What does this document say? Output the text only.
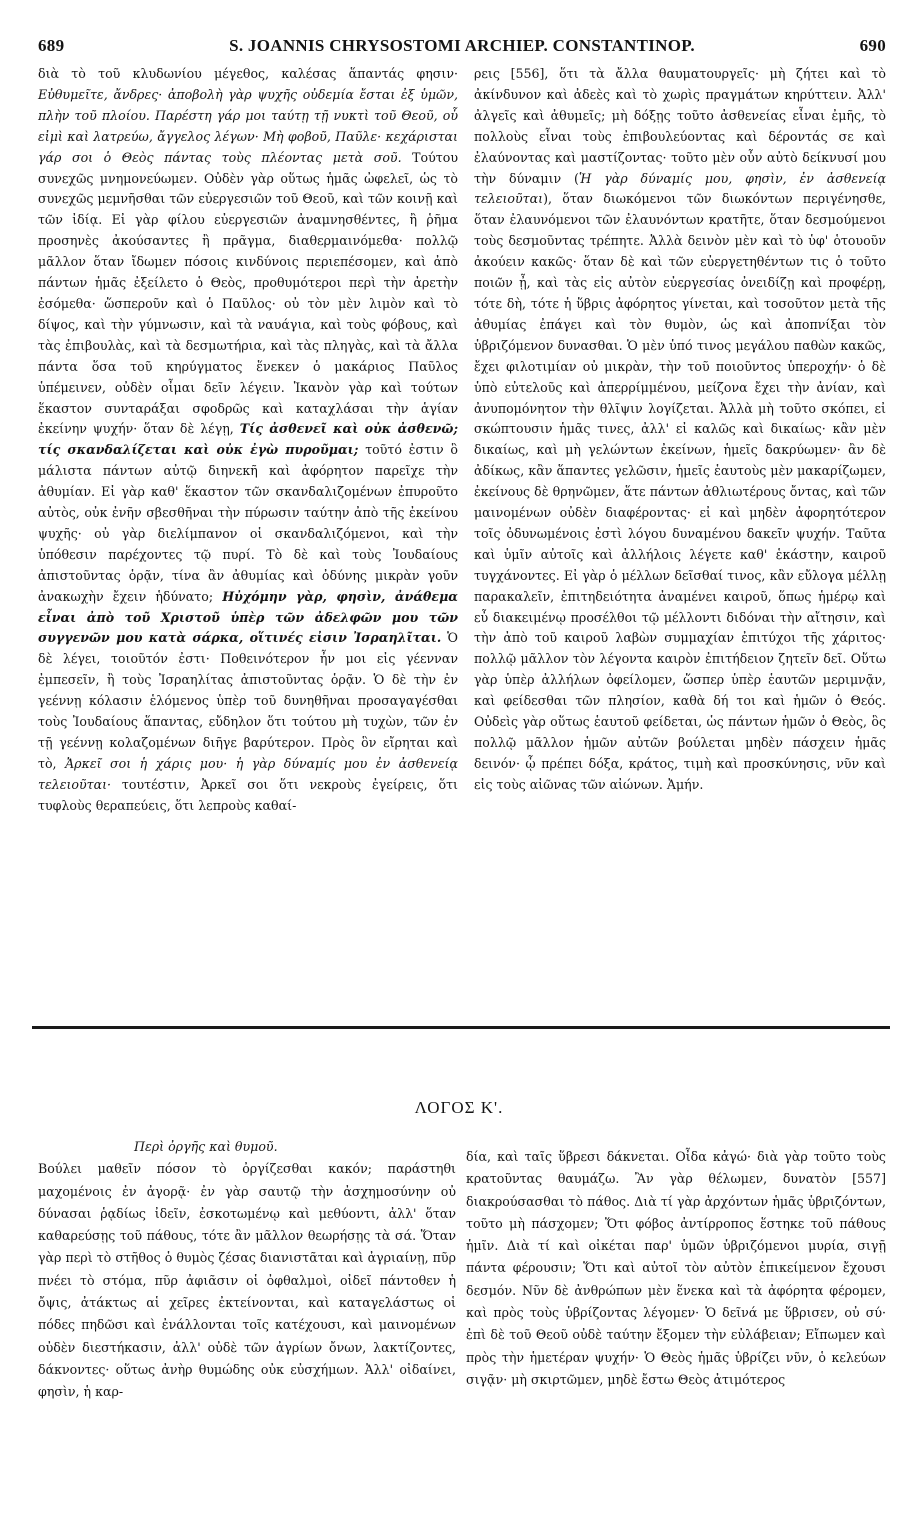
689	S. JOANNIS CHRYSOSTOMI ARCHIEP. CONSTANTINOP.	690

διὰ τὸ τοῦ κλυδωνίου μέγεθος, καλέσας ἅπαντάς φησιν· Εὐθυμεῖτε, ἄνδρες· ἀποβολὴ γὰρ ψυχῆς οὐδεμία ἔσται ἐξ ὑμῶν, πλὴν τοῦ πλοίου. Παρέστη γάρ μοι ταύτῃ τῇ νυκτὶ τοῦ Θεοῦ, οὗ εἰμὶ καὶ λατρεύω, ἄγγελος λέγων· Μὴ φοβοῦ, Παῦλε· κεχάρισται γάρ σοι ὁ Θεὸς πάντας τοὺς πλέοντας μετὰ σοῦ. Τούτου συνεχῶς μνημονεύωμεν. Οὐδὲν γὰρ οὕτως ἡμᾶς ὠφελεῖ, ὡς τὸ συνεχῶς μεμνῆσθαι τῶν εὐεργεσιῶν τοῦ Θεοῦ, καὶ τῶν κοινῇ καὶ τῶν ἰδίᾳ. Εἰ γὰρ φίλου εὐεργεσιῶν ἀναμνησθέντες, ἢ ῥῆμα προσηνὲς ἀκούσαντες ἢ πρᾶγμα, διαθερμαινόμεθα· πολλῷ μᾶλλον ὅταν ἴδωμεν πόσοις κινδύνοις περιεπέσομεν, καὶ ἀπὸ πάντων ἡμᾶς ἐξείλετο ὁ Θεὸς, προθυμότεροι περὶ τὴν ἀρετὴν ἐσόμεθα· ὥσπεροῦν καὶ ὁ Παῦλος· οὐ τὸν μὲν λιμὸν καὶ τὸ δίψος, καὶ τὴν γύμνωσιν, καὶ τὰ ναυάγια, καὶ τοὺς φόβους, καὶ τὰς ἐπιβουλὰς, καὶ τὰ δεσμωτήρια, καὶ τὰς πληγὰς, καὶ τὰ ἄλλα πάντα ὅσα τοῦ κηρύγματος ἕνεκεν ὁ μακάριος Παῦλος ὑπέμεινεν, οὐδὲν οἶμαι δεῖν λέγειν. Ἱκανὸν γὰρ καὶ τούτων ἕκαστον συνταράξαι σφοδρῶς καὶ καταχλάσαι τὴν ἁγίαν ἐκείνην ψυχήν· ὅταν δὲ λέγῃ, Τίς ἀσθενεῖ καὶ οὐκ ἀσθενῶ; τίς σκανδαλίζεται καὶ οὐκ ἐγὼ πυροῦμαι; τοῦτό ἐστιν ὃ μάλιστα πάντων αὐτῷ διηνεκῆ καὶ ἀφόρητον παρεῖχε τὴν ἀθυμίαν. Εἰ γὰρ καθ' ἕκαστον τῶν σκανδαλιζομένων ἐπυροῦτο αὐτὸς, οὐκ ἐνῆν σβεσθῆναι τὴν πύρωσιν ταύτην ἀπὸ τῆς ἐκείνου ψυχῆς· οὐ γὰρ διελίμπανον οἱ σκανδαλιζόμενοι, καὶ τὴν ὑπόθεσιν παρέχοντες τῷ πυρί. Τὸ δὲ καὶ τοὺς Ἰουδαίους ἀπιστοῦντας ὁρᾷν, τίνα ἂν ἀθυμίας καὶ ὀδύνης μικρὰν γοῦν ἀνακωχὴν ἔχειν ἡδύνατο; Ηὐχόμην γὰρ, φησὶν, ἀνάθεμα εἶναι ἀπὸ τοῦ Χριστοῦ ὑπὲρ τῶν ἀδελφῶν μου τῶν συγγενῶν μου κατὰ σάρκα, οἵτινές εἰσιν Ἰσραηλῖται. Ὁ δὲ λέγει, τοιοῦτόν ἐστι· Ποθεινότερον ἦν μοι εἰς γέενναν ἐμπεσεῖν, ἢ τοὺς Ἰσραηλίτας ἀπιστοῦντας ὁρᾷν. Ὁ δὲ τὴν ἐν γεέννῃ κόλασιν ἑλόμενος ὑπὲρ τοῦ δυνηθῆναι προσαγαγέσθαι τοὺς Ἰουδαίους ἅπαντας, εὔδηλον ὅτι τούτου μὴ τυχὼν, τῶν ἐν τῇ γεέννῃ κολαζομένων διῆγε βαρύτερον. Πρὸς ὃν εἴρηται καὶ τὸ, Ἀρκεῖ σοι ἡ χάρις μου· ἡ γὰρ δύναμίς μου ἐν ἀσθενείᾳ τελειοῦται· τουτέστιν, Ἀρκεῖ σοι ὅτι νεκροὺς ἐγείρεις, ὅτι τυφλοὺς θεραπεύεις, ὅτι λεπροὺς καθαί-

ρεις [556], ὅτι τὰ ἄλλα θαυματουργεῖς· μὴ ζήτει καὶ τὸ ἀκίνδυνον καὶ ἀδεὲς καὶ τὸ χωρὶς πραγμάτων κηρύττειν. Ἀλλ' ἀλγεῖς καὶ ἀθυμεῖς; μὴ δόξῃς τοῦτο ἀσθενείας εἶναι ἐμῆς, τὸ πολλοὺς εἶναι τοὺς ἐπιβουλεύοντας καὶ δέροντάς σε καὶ ἐλαύνοντας καὶ μαστίζοντας· τοῦτο μὲν οὖν αὐτὸ δείκνυσί μου τὴν δύναμιν (Ἡ γὰρ δύναμίς μου, φησὶν, ἐν ἀσθενείᾳ τελειοῦται), ὅταν διωκόμενοι τῶν διωκόντων περιγένησθε, ὅταν ἐλαυνόμενοι τῶν ἐλαυνόντων κρατῆτε, ὅταν δεσμούμενοι τοὺς δεσμοῦντας τρέπητε. Ἀλλὰ δεινὸν μὲν καὶ τὸ ὑφ' ὁτουοῦν ἀκούειν κακῶς· ὅταν δὲ καὶ τῶν εὐεργετηθέντων τις ὁ τοῦτο ποιῶν ᾖ, καὶ τὰς εἰς αὐτὸν εὐεργεσίας ὀνειδίζῃ καὶ προφέρῃ, τότε δὴ, τότε ἡ ὕβρις ἀφόρητος γίνεται, καὶ τοσοῦτον μετὰ τῆς ἀθυμίας ἐπάγει καὶ τὸν θυμὸν, ὡς καὶ ἀποπνίξαι τὸν ὑβριζόμενον δυνασθαι. Ὁ μὲν ὑπό τινος μεγάλου παθὼν κακῶς, ἔχει φιλοτιμίαν οὐ μικρὰν, τὴν τοῦ ποιοῦντος ὑπεροχήν· ὁ δὲ ὑπὸ εὐτελοῦς καὶ ἀπερρίμμένου, μείζονα ἔχει τὴν ἀνίαν, καὶ ἀνυπομόνητον τὴν θλῖψιν λογίζεται. Ἀλλὰ μὴ τοῦτο σκόπει, εἰ σκώπτουσιν ἡμᾶς τινες, ἀλλ' εἰ καλῶς καὶ δικαίως· κἂν μὲν δικαίως, καὶ μὴ γελώντων ἐκείνων, ἡμεῖς δακρύωμεν· ἂν δὲ ἀδίκως, κἂν ἅπαντες γελῶσιν, ἡμεῖς ἑαυτοὺς μὲν μακαρίζωμεν, ἐκείνους δὲ θρηνῶμεν, ἅτε πάντων ἀθλιωτέρους ὄντας, καὶ τῶν μαινομένων οὐδὲν διαφέροντας· εἰ καὶ μηδὲν ἀφορητότερον τοῖς ὀδυνωμένοις ἐστὶ λόγου δυναμένου δακεῖν ψυχήν. Ταῦτα καὶ ὑμῖν αὐτοῖς καὶ ἀλλήλοις λέγετε καθ' ἑκάστην, καιροῦ τυγχάνοντες. Εἰ γὰρ ὁ μέλλων δεῖσθαί τινος, κἂν εὔλογα μέλλῃ παρακαλεῖν, ἐπιτηδειότητα ἀναμένει καιροῦ, ὅπως ἡμέρῳ καὶ εὖ διακειμένῳ προσέλθοι τῷ μέλλοντι διδόναι τὴν αἴτησιν, καὶ τὴν ἀπὸ τοῦ καιροῦ λαβὼν συμμαχίαν ἐπιτύχοι τῆς χάριτος· πολλῷ μᾶλλον τὸν λέγοντα καιρὸν ἐπιτήδειον ζητεῖν δεῖ. Οὕτω γὰρ ὑπὲρ ἀλλήλων ὀφείλομεν, ὥσπερ ὑπὲρ ἑαυτῶν μεριμνᾷν, καὶ φείδεσθαι τῶν πλησίον, καθὰ δή τοι καὶ ἡμῶν ὁ Θεός. Οὐδεὶς γὰρ οὕτως ἑαυτοῦ φείδεται, ὡς πάντων ἡμῶν ὁ Θεὸς, ὃς πολλῷ μᾶλλον ἡμῶν αὐτῶν βούλεται μηδὲν πάσχειν ἡμᾶς δεινόν· ᾧ πρέπει δόξα, κράτος, τιμὴ καὶ προσκύνησις, νῦν καὶ εἰς τοὺς αἰῶνας τῶν αἰώνων. Ἀμήν.

ΛΟΓΟΣ Κ'.
Περὶ ὀργῆς καὶ θυμοῦ.

Βούλει μαθεῖν πόσον τὸ ὀργίζεσθαι κακόν; παράστηθι μαχομένοις ἐν ἀγορᾷ· ἐν γὰρ σαυτῷ τὴν ἀσχημοσύνην οὐ δύνασαι ῥᾳδίως ἰδεῖν, ἐσκοτωμένῳ καὶ μεθύοντι, ἀλλ' ὅταν καθαρεύσῃς τοῦ πάθους, τότε ἂν μᾶλλον θεωρήσῃς τὰ σά. Ὅταν γὰρ περὶ τὸ στῆθος ὁ θυμὸς ζέσας διανιστᾶται καὶ ἀγριαίνῃ, πῦρ πνέει τὸ στόμα, πῦρ ἀφιᾶσιν οἱ ὀφθαλμοὶ, οἰδεῖ πάντοθεν ἡ ὄψις, ἀτάκτως αἱ χεῖρες ἐκτείνονται, καὶ καταγελάστως οἱ πόδες πηδῶσι καὶ ἐνάλλονται τοῖς κατέχουσι, καὶ μαινομένων οὐδὲν διεστήκασιν, ἀλλ' οὐδὲ τῶν ἀγρίων ὄνων, λακτίζοντες, δάκνοντες· οὕτως ἀνὴρ θυμώδης οὐκ εὐσχήμων. Ἀλλ' οἰδαίνει, φησὶν, ἡ καρ-

δία, καὶ ταῖς ὕβρεσι δάκνεται. Οἶδα κἀγώ· διὰ γὰρ τοῦτο τοὺς κρατοῦντας θαυμάζω. Ἂν γὰρ θέλωμεν, δυνατὸν [557] διακρούσασθαι τὸ πάθος. Διὰ τί γὰρ ἀρχόντων ἡμᾶς ὑβριζόντων, τοῦτο μὴ πάσχομεν; Ὅτι φόβος ἀντίρροπος ἕστηκε τοῦ πάθους ἡμῖν. Διὰ τί καὶ οἰκέται παρ' ὑμῶν ὑβριζόμενοι μυρία, σιγῇ πάντα φέρουσιν; Ὅτι καὶ αὐτοῖ τὸν αὐτὸν ἐπικείμενον ἔχουσι δεσμόν. Νῦν δὲ ἀνθρώπων μὲν ἕνεκα καὶ τὰ ἀφόρητα φέρομεν, καὶ πρὸς τοὺς ὑβρίζοντας λέγομεν· Ὁ δεῖνά με ὕβρισεν, οὐ σύ· ἐπὶ δὲ τοῦ Θεοῦ οὐδὲ ταύτην ἔξομεν τὴν εὐλάβειαν; Εἴπωμεν καὶ πρὸς τὴν ἡμετέραν ψυχήν· Ὁ Θεὸς ἡμᾶς ὑβρίζει νῦν, ὁ κελεύων σιγᾷν· μὴ σκιρτῶμεν, μηδὲ ἔστω Θεὸς ἀτιμότερος
